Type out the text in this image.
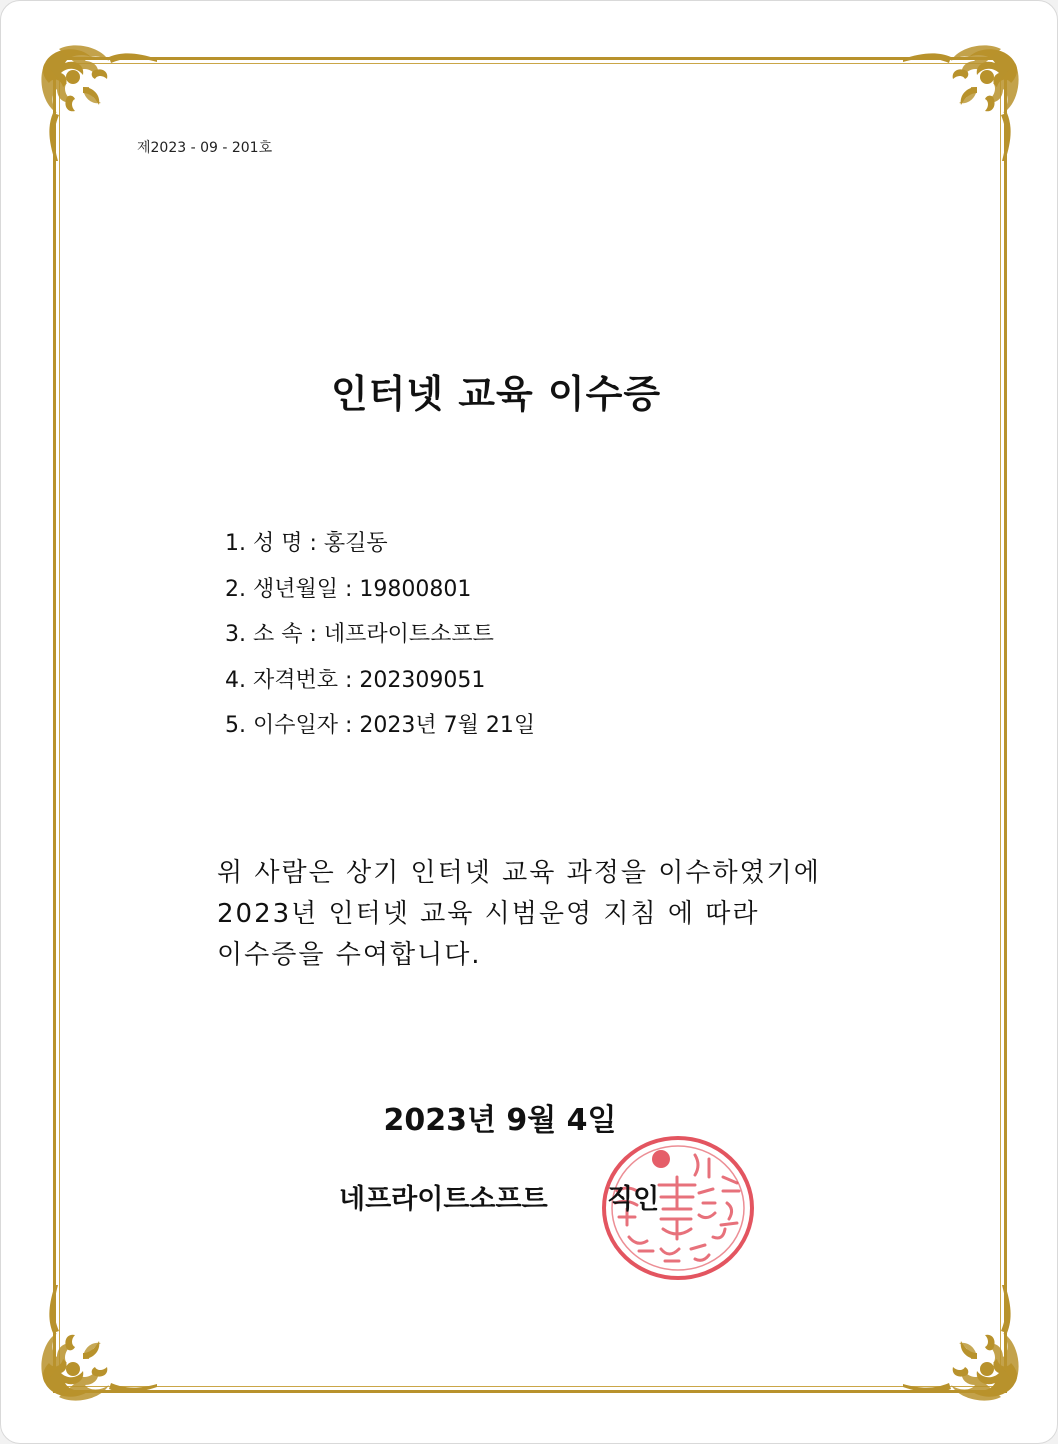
제2023 - 09 - 201호
인터넷 교육 이수증
1. 성 명 : 홍길동
2. 생년월일 : 19800801
3. 소 속 : 네프라이트소프트
4. 자격번호 : 202309051
5. 이수일자 : 2023년 7월 21일
위 사람은 상기 인터넷 교육 과정을 이수하였기에
2023년 인터넷 교육 시범운영 지침 에 따라
이수증을 수여합니다.
2023년 9월 4일
네프라이트소프트 직인
